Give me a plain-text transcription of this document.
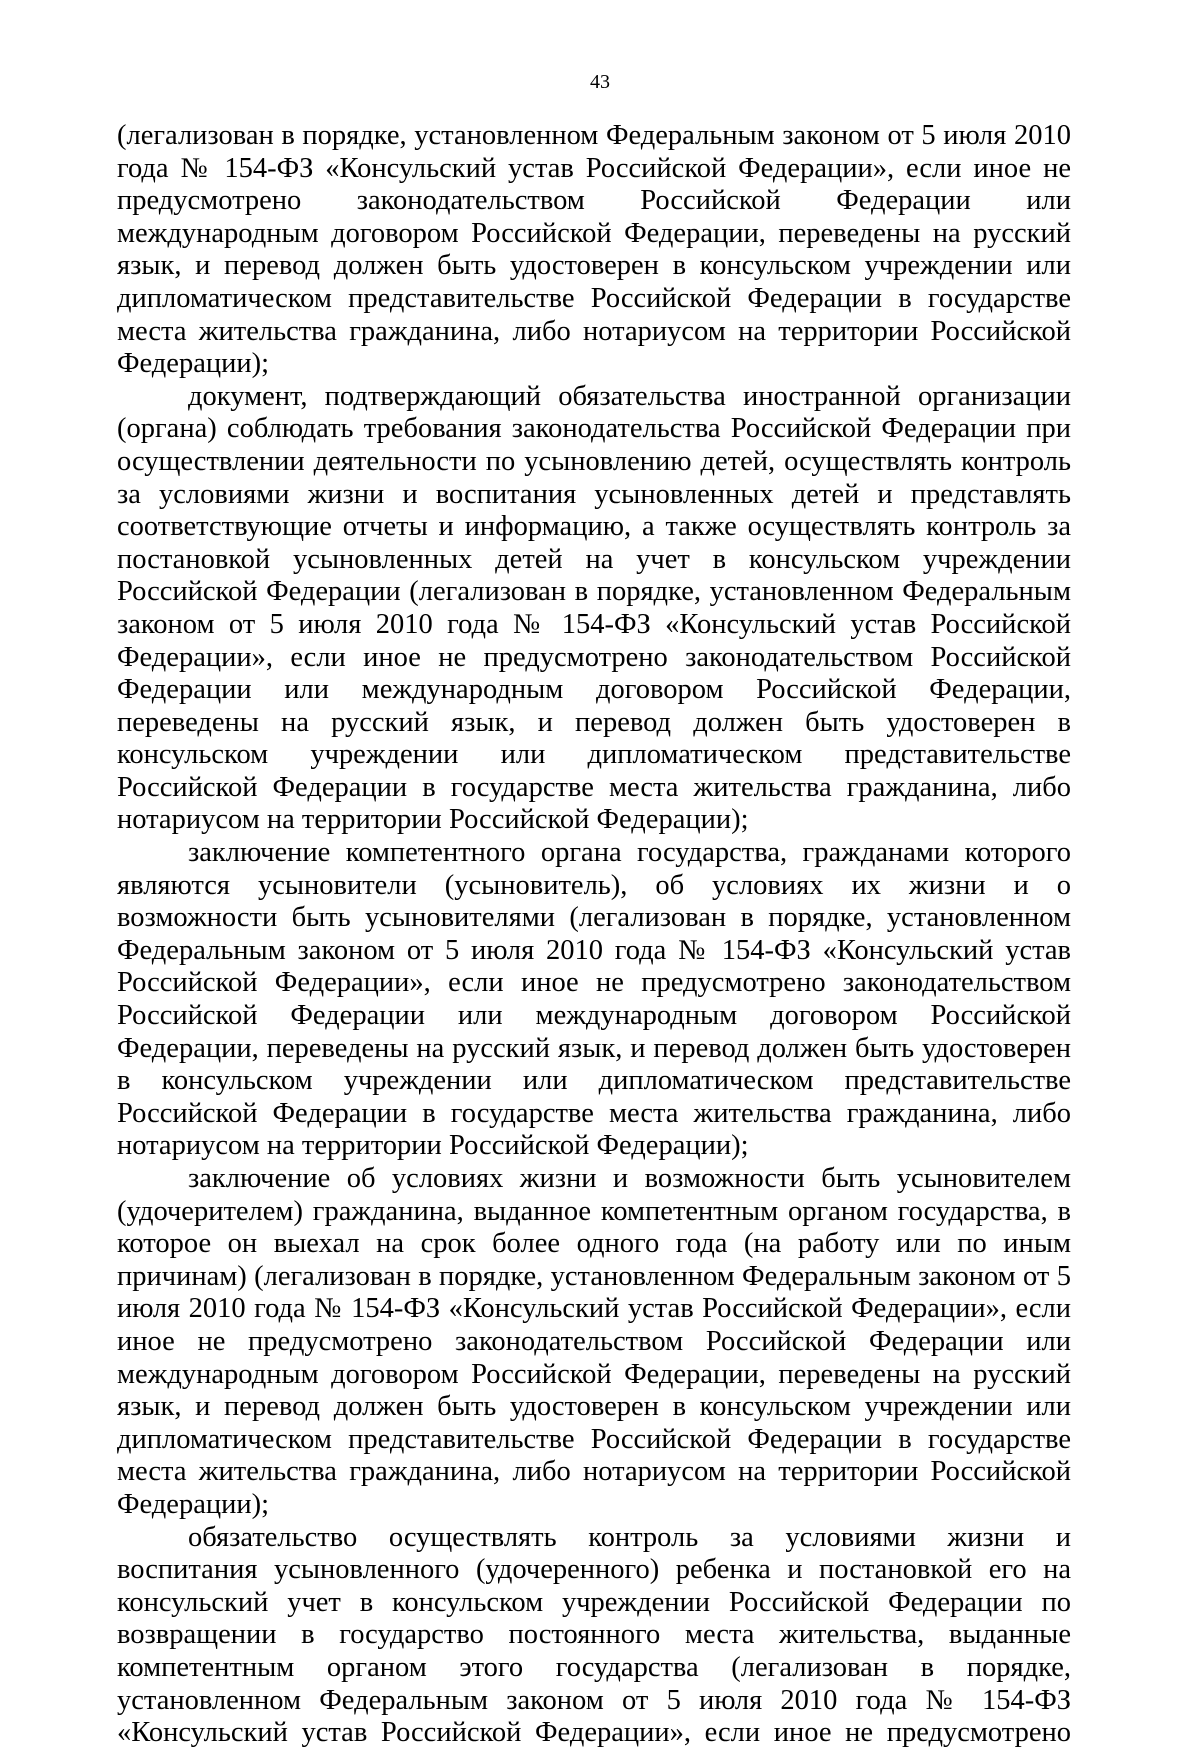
43

(легализован в порядке, установленном Федеральным законом от 5 июля 2010 года № 154-ФЗ «Консульский устав Российской Федерации», если иное не предусмотрено законодательством Российской Федерации или международным договором Российской Федерации, переведены на русский язык, и перевод должен быть удостоверен в консульском учреждении или дипломатическом представительстве Российской Федерации в государстве места жительства гражданина, либо нотариусом на территории Российской Федерации);

документ, подтверждающий обязательства иностранной организации (органа) соблюдать требования законодательства Российской Федерации при осуществлении деятельности по усыновлению детей, осуществлять контроль за условиями жизни и воспитания усыновленных детей и представлять соответствующие отчеты и информацию, а также осуществлять контроль за постановкой усыновленных детей на учет в консульском учреждении Российской Федерации (легализован в порядке, установленном Федеральным законом от 5 июля 2010 года № 154-ФЗ «Консульский устав Российской Федерации», если иное не предусмотрено законодательством Российской Федерации или международным договором Российской Федерации, переведены на русский язык, и перевод должен быть удостоверен в консульском учреждении или дипломатическом представительстве Российской Федерации в государстве места жительства гражданина, либо нотариусом на территории Российской Федерации);

заключение компетентного органа государства, гражданами которого являются усыновители (усыновитель), об условиях их жизни и о возможности быть усыновителями (легализован в порядке, установленном Федеральным законом от 5 июля 2010 года № 154-ФЗ «Консульский устав Российской Федерации», если иное не предусмотрено законодательством Российской Федерации или международным договором Российской Федерации, переведены на русский язык, и перевод должен быть удостоверен в консульском учреждении или дипломатическом представительстве Российской Федерации в государстве места жительства гражданина, либо нотариусом на территории Российской Федерации);

заключение об условиях жизни и возможности быть усыновителем (удочерителем) гражданина, выданное компетентным органом государства, в которое он выехал на срок более одного года (на работу или по иным причинам) (легализован в порядке, установленном Федеральным законом от 5 июля 2010 года № 154-ФЗ «Консульский устав Российской Федерации», если иное не предусмотрено законодательством Российской Федерации или международным договором Российской Федерации, переведены на русский язык, и перевод должен быть удостоверен в консульском учреждении или дипломатическом представительстве Российской Федерации в государстве места жительства гражданина, либо нотариусом на территории Российской Федерации);

обязательство осуществлять контроль за условиями жизни и воспитания усыновленного (удочеренного) ребенка и постановкой его на консульский учет в консульском учреждении Российской Федерации по возвращении в государство постоянного места жительства, выданные компетентным органом этого государства (легализован в порядке, установленном Федеральным законом от 5 июля 2010 года № 154-ФЗ «Консульский устав Российской Федерации», если иное не предусмотрено
